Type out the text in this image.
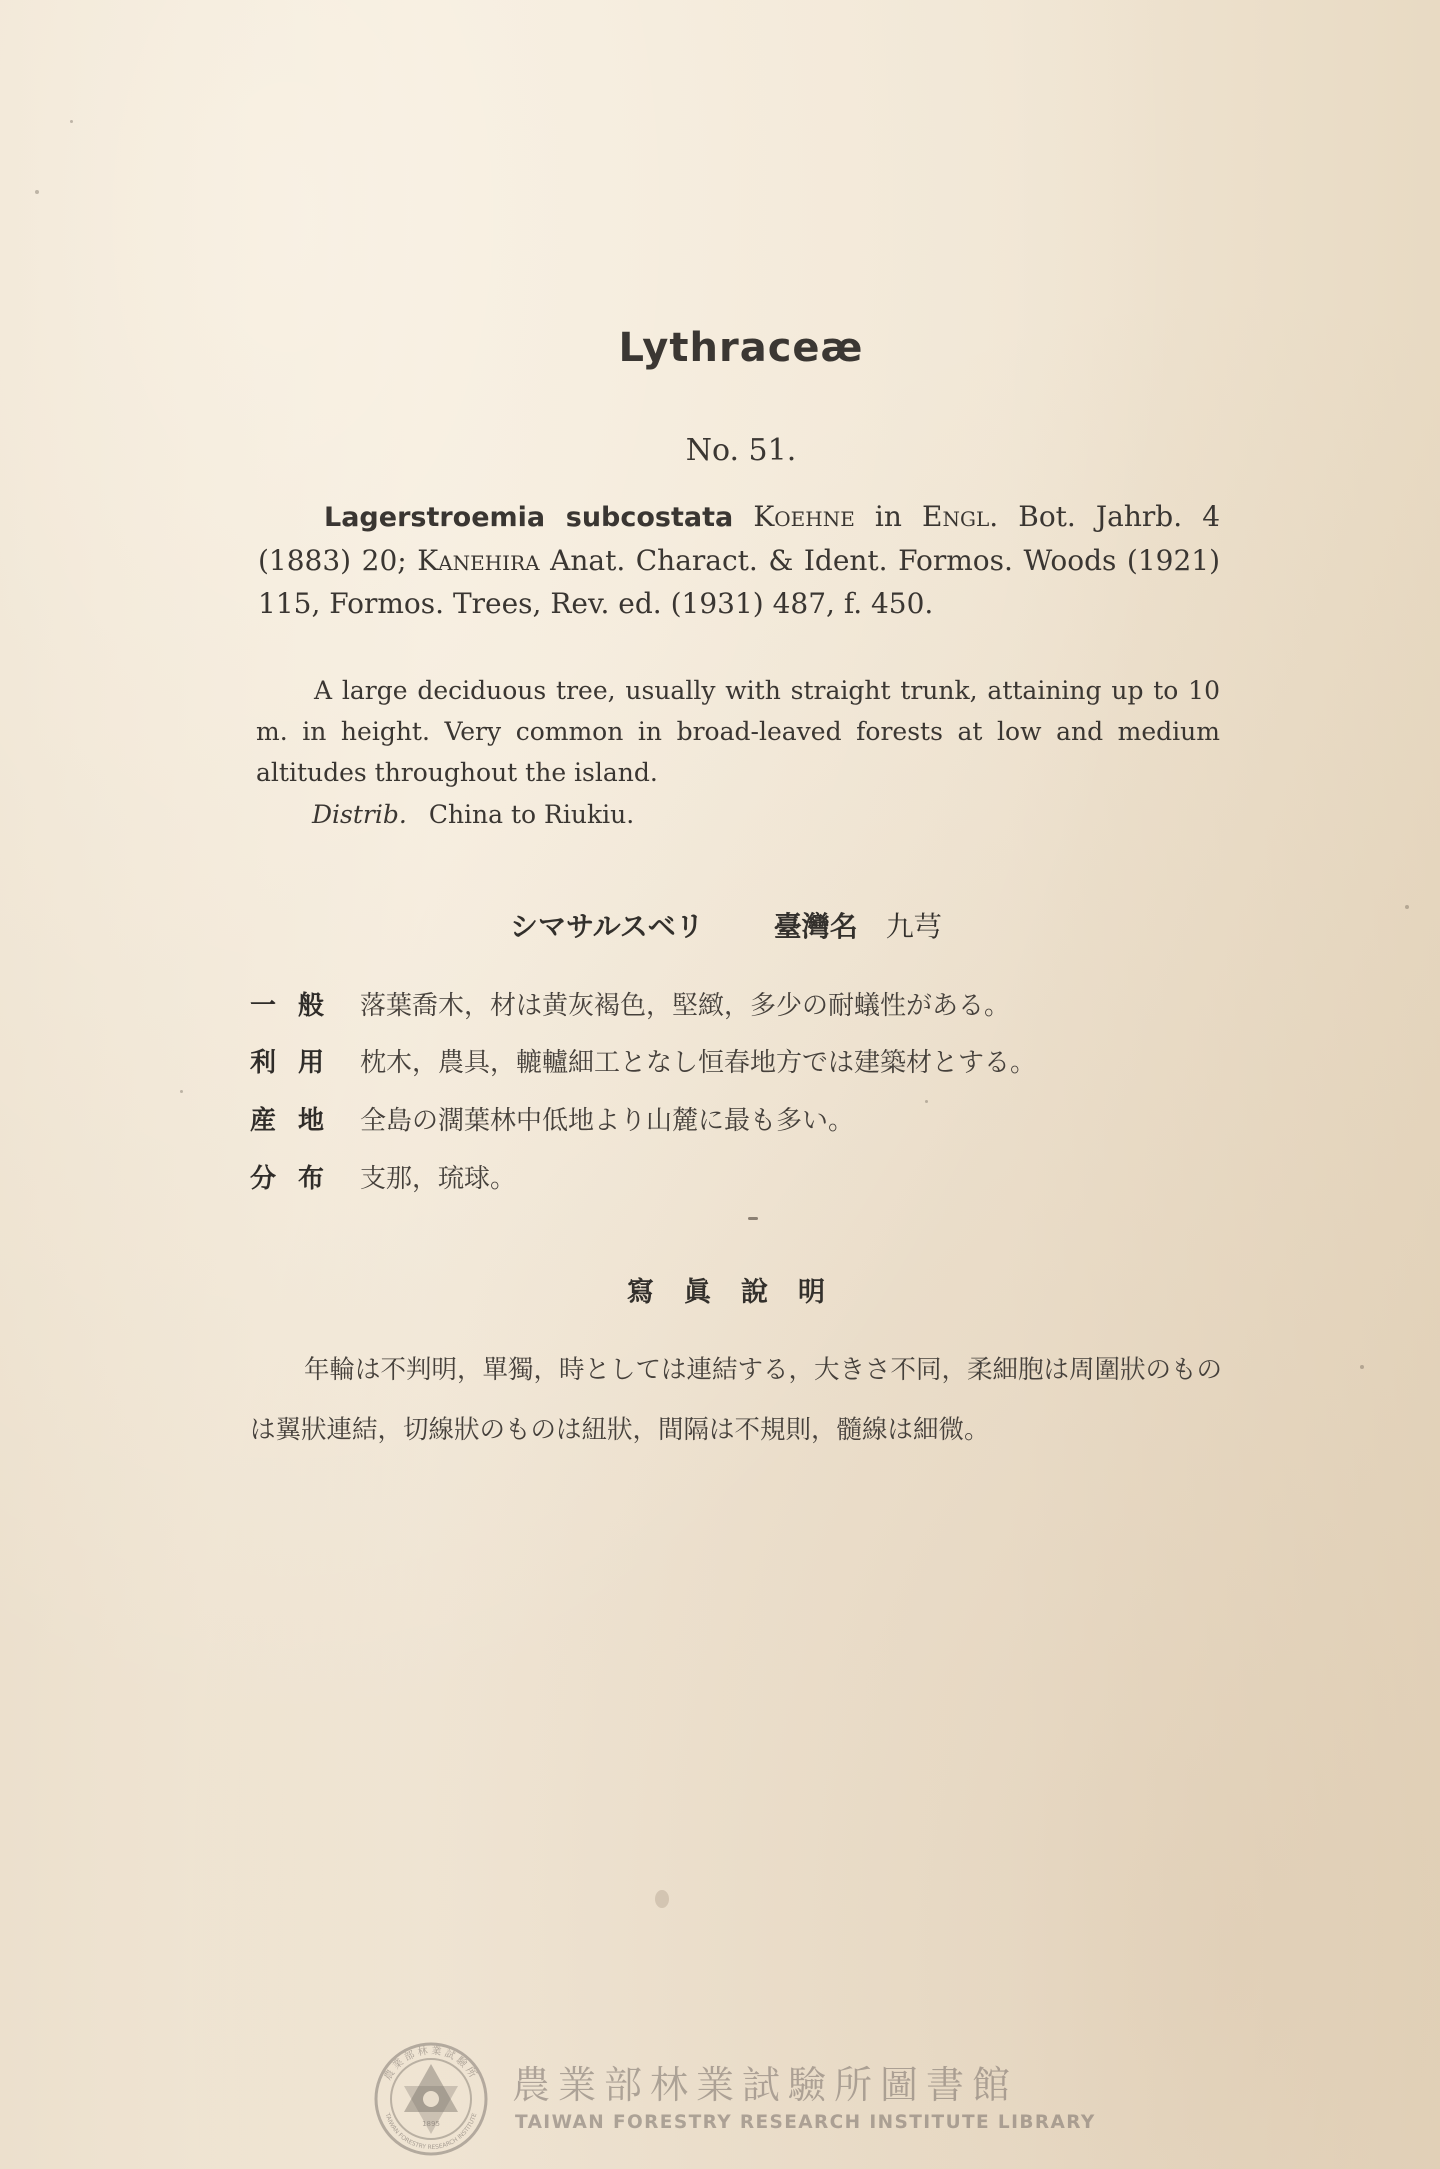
Lythraceæ
No. 51.
Lagerstroemia subcostata Koehne in Engl. Bot. Jahrb. 4 (1883) 20; Kanehira Anat. Charact. & Ident. Formos. Woods (1921) 115, Formos. Trees, Rev. ed. (1931) 487, f. 450.
A large deciduous tree, usually with straight trunk, attaining up to 10 m. in height. Very common in broad-leaved forests at low and medium altitudes throughout the island.
Distrib. China to Riukiu.
シマサルスベリ	臺灣名 九芎
一般 落葉喬木，材は黄灰褐色，堅緻，多少の耐蟻性がある。
利用 枕木，農具，轆轤細工となし恒春地方では建築材とする。
産地 全島の濶葉林中低地より山麓に最も多い。
分布 支那，琉球。
寫眞說明
年輪は不判明，單獨，時としては連結する，大きさ不同，柔細胞は周圍狀のものは翼狀連結，切線狀のものは紐狀，間隔は不規則，髓線は細微。
農業部林業試驗所
TAIWAN FORESTRY RESEARCH INSTITUTE
1895
農業部林業試驗所圖書館
TAIWAN FORESTRY RESEARCH INSTITUTE LIBRARY
